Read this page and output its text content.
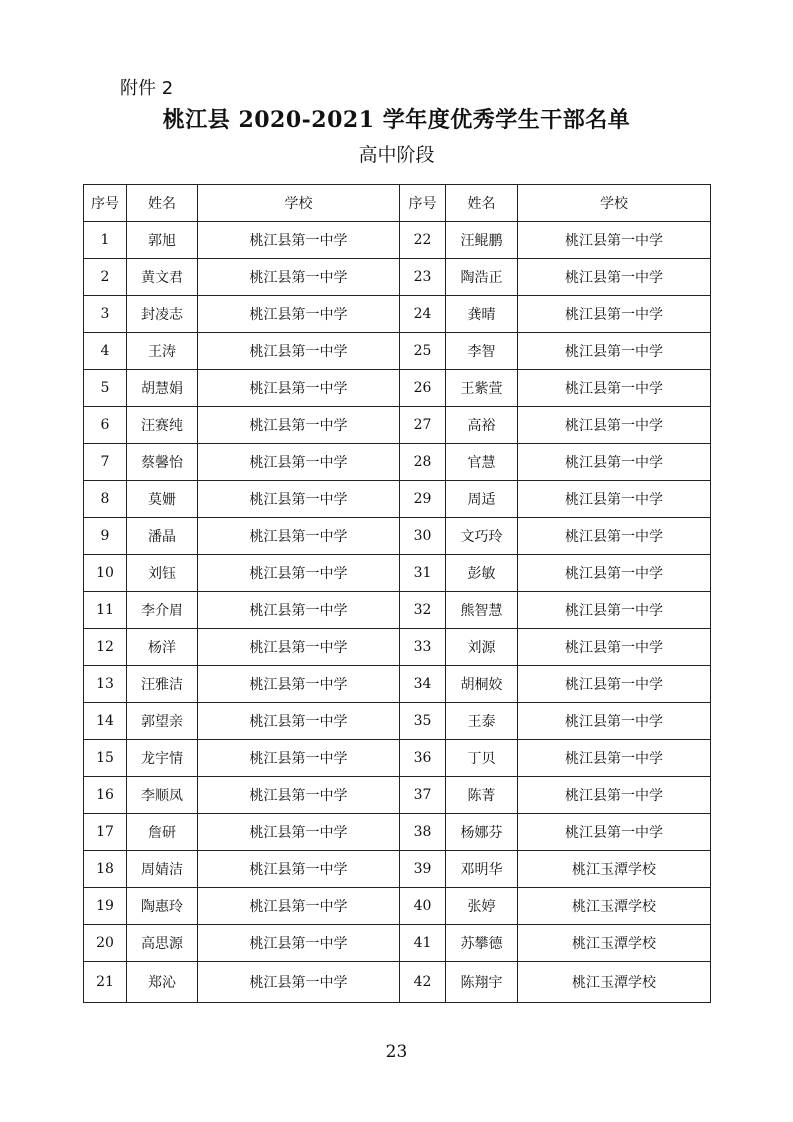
附件 2
桃江县 2020-2021 学年度优秀学生干部名单
高中阶段
序号	姓名	学校	序号	姓名	学校
1	郭旭	桃江县第一中学	22	汪鲲鹏	桃江县第一中学
2	黄文君	桃江县第一中学	23	陶浩正	桃江县第一中学
3	封凌志	桃江县第一中学	24	龚晴	桃江县第一中学
4	王涛	桃江县第一中学	25	李智	桃江县第一中学
5	胡慧娟	桃江县第一中学	26	王紫萱	桃江县第一中学
6	汪赛纯	桃江县第一中学	27	高裕	桃江县第一中学
7	蔡馨怡	桃江县第一中学	28	官慧	桃江县第一中学
8	莫姗	桃江县第一中学	29	周适	桃江县第一中学
9	潘晶	桃江县第一中学	30	文巧玲	桃江县第一中学
10	刘钰	桃江县第一中学	31	彭敏	桃江县第一中学
11	李介眉	桃江县第一中学	32	熊智慧	桃江县第一中学
12	杨洋	桃江县第一中学	33	刘源	桃江县第一中学
13	汪雅洁	桃江县第一中学	34	胡桐姣	桃江县第一中学
14	郭望亲	桃江县第一中学	35	王泰	桃江县第一中学
15	龙宇情	桃江县第一中学	36	丁贝	桃江县第一中学
16	李顺凤	桃江县第一中学	37	陈菁	桃江县第一中学
17	詹研	桃江县第一中学	38	杨娜芬	桃江县第一中学
18	周婧洁	桃江县第一中学	39	邓明华	桃江玉潭学校
19	陶惠玲	桃江县第一中学	40	张婷	桃江玉潭学校
20	高思源	桃江县第一中学	41	苏攀德	桃江玉潭学校
21	郑沁	桃江县第一中学	42	陈翔宇	桃江玉潭学校
23
